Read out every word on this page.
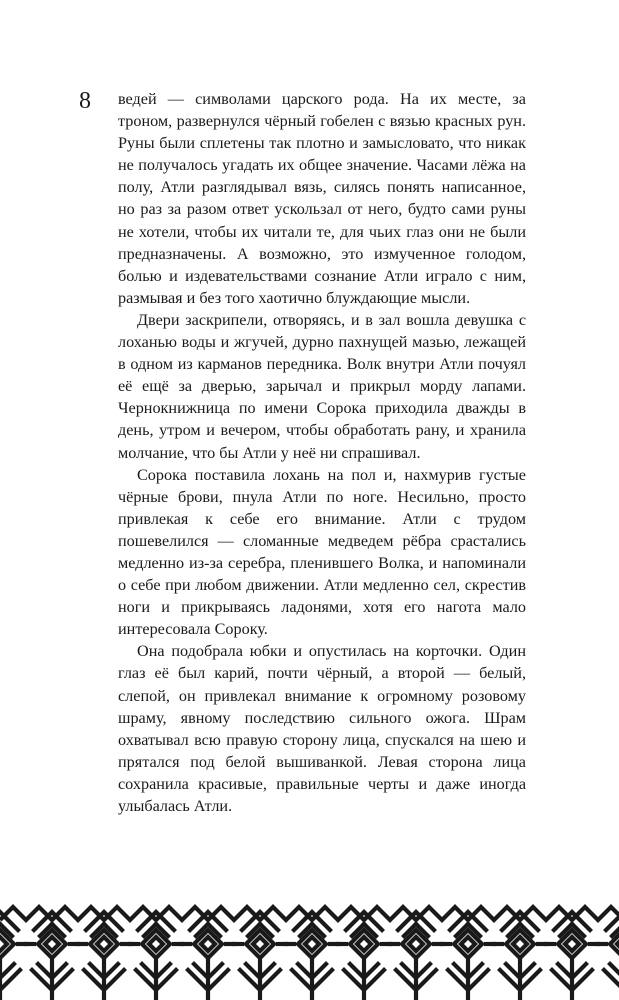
8 ведей — символами царского рода. На их месте, за троном, развернулся чёрный гобелен с вязью красных рун. Руны были сплетены так плотно и замысловато, что никак не получалось угадать их общее значение. Часами лёжа на полу, Атли разглядывал вязь, силясь понять написанное, но раз за разом ответ ускользал от него, будто сами руны не хотели, чтобы их читали те, для чьих глаз они не были предназначены. А возможно, это измученное голодом, болью и издевательствами сознание Атли играло с ним, размывая и без того хаотично блуждающие мысли.

Двери заскрипели, отворяясь, и в зал вошла девушка с лоханью воды и жгучей, дурно пахнущей мазью, лежащей в одном из карманов передника. Волк внутри Атли почуял её ещё за дверью, зарычал и прикрыл морду лапами. Чернокнижница по имени Сорока приходила дважды в день, утром и вечером, чтобы обработать рану, и хранила молчание, что бы Атли у неё ни спрашивал.

Сорока поставила лохань на пол и, нахмурив густые чёрные брови, пнула Атли по ноге. Несильно, просто привлекая к себе его внимание. Атли с трудом пошевелился — сломанные медведем рёбра срастались медленно из-за серебра, пленившего Волка, и напоминали о себе при любом движении. Атли медленно сел, скрестив ноги и прикрываясь ладонями, хотя его нагота мало интересовала Сороку.

Она подобрала юбки и опустилась на корточки. Один глаз её был карий, почти чёрный, а второй — белый, слепой, он привлекал внимание к огромному розовому шраму, явному последствию сильного ожога. Шрам охватывал всю правую сторону лица, спускался на шею и прятался под белой вышиванкой. Левая сторона лица сохранила красивые, правильные черты и даже иногда улыбалась Атли.
